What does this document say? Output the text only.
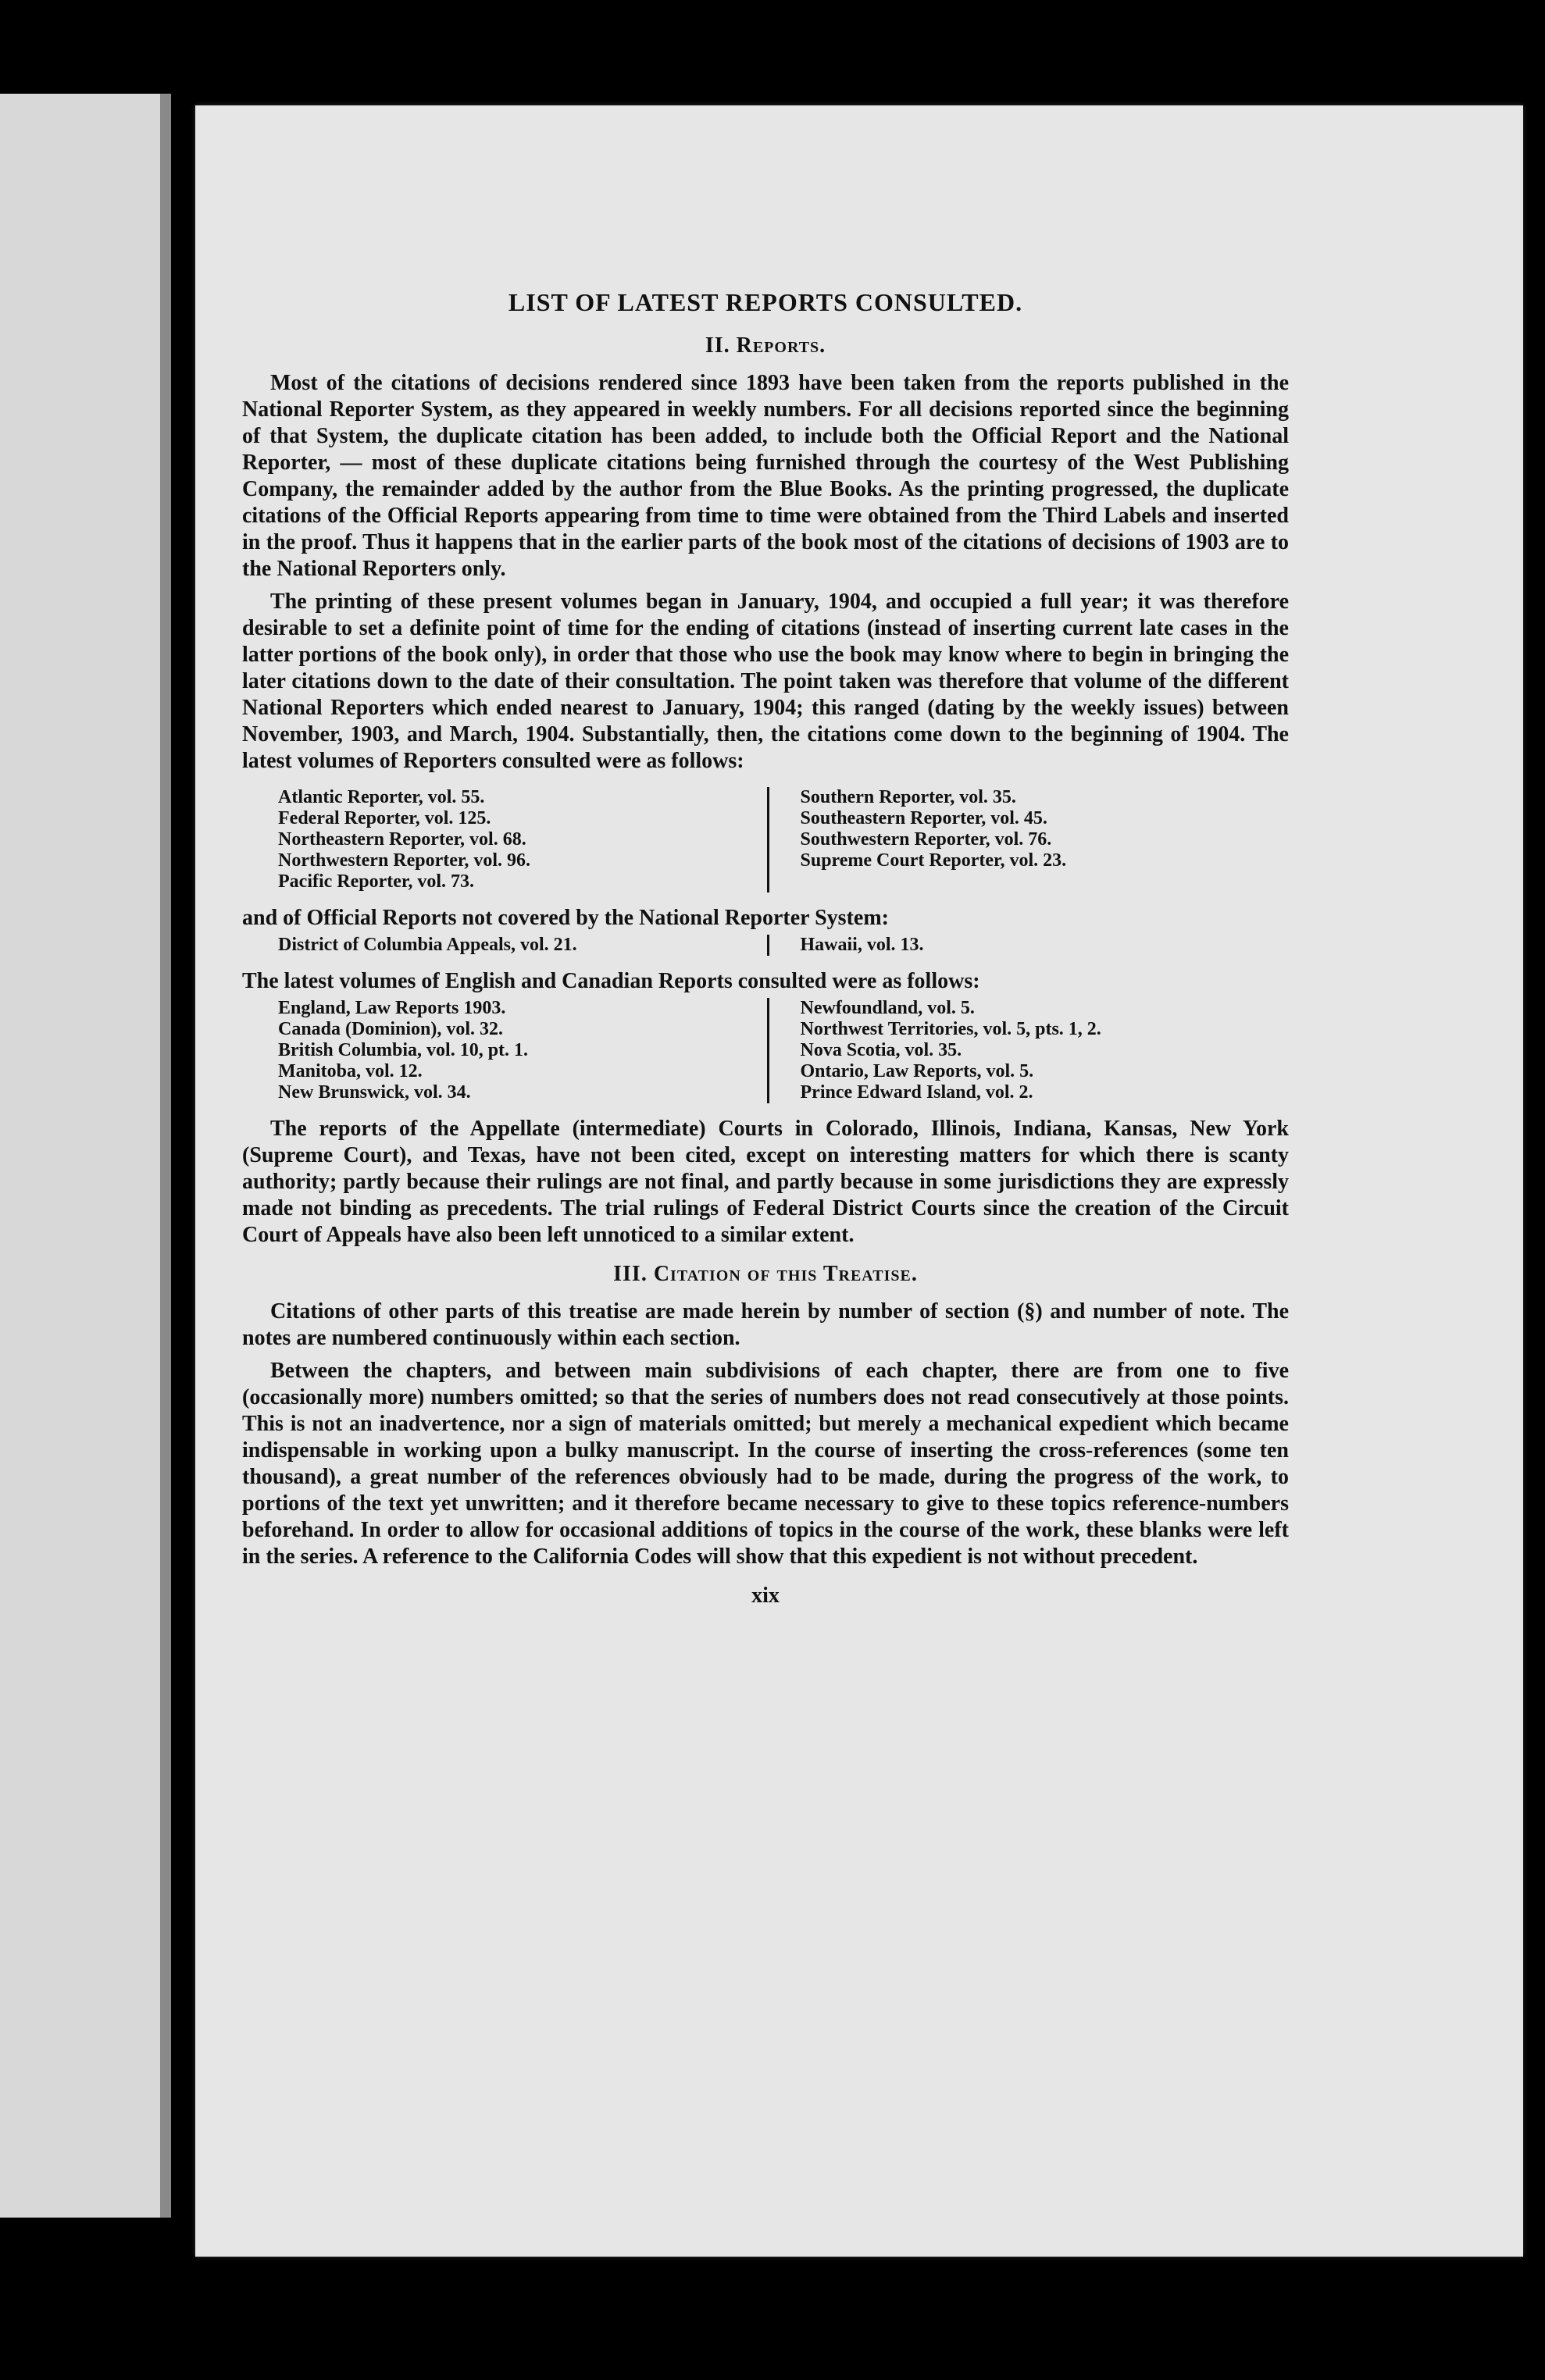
LIST OF LATEST REPORTS CONSULTED.
II. Reports.

Most of the citations of decisions rendered since 1893 have been taken from the reports published in the National Reporter System, as they appeared in weekly numbers. For all decisions reported since the beginning of that System, the duplicate citation has been added, to include both the Official Report and the National Reporter, — most of these duplicate citations being furnished through the courtesy of the West Publishing Company, the remainder added by the author from the Blue Books. As the printing progressed, the duplicate citations of the Official Reports appearing from time to time were obtained from the Third Labels and inserted in the proof. Thus it happens that in the earlier parts of the book most of the citations of decisions of 1903 are to the National Reporters only.

The printing of these present volumes began in January, 1904, and occupied a full year; it was therefore desirable to set a definite point of time for the ending of citations (instead of inserting current late cases in the latter portions of the book only), in order that those who use the book may know where to begin in bringing the later citations down to the date of their consultation. The point taken was therefore that volume of the different National Reporters which ended nearest to January, 1904; this ranged (dating by the weekly issues) between November, 1903, and March, 1904. Substantially, then, the citations come down to the beginning of 1904. The latest volumes of Reporters consulted were as follows:

Atlantic Reporter, vol. 55.
Federal Reporter, vol. 125.
Northeastern Reporter, vol. 68.
Northwestern Reporter, vol. 96.
Pacific Reporter, vol. 73.
Southern Reporter, vol. 35.
Southeastern Reporter, vol. 45.
Southwestern Reporter, vol. 76.
Supreme Court Reporter, vol. 23.

and of Official Reports not covered by the National Reporter System:

District of Columbia Appeals, vol. 21.	Hawaii, vol. 13.

The latest volumes of English and Canadian Reports consulted were as follows:

England, Law Reports 1903.
Canada (Dominion), vol. 32.
British Columbia, vol. 10, pt. 1.
Manitoba, vol. 12.
New Brunswick, vol. 34.
Newfoundland, vol. 5.
Northwest Territories, vol. 5, pts. 1, 2.
Nova Scotia, vol. 35.
Ontario, Law Reports, vol. 5.
Prince Edward Island, vol. 2.

The reports of the Appellate (intermediate) Courts in Colorado, Illinois, Indiana, Kansas, New York (Supreme Court), and Texas, have not been cited, except on interesting matters for which there is scanty authority; partly because their rulings are not final, and partly because in some jurisdictions they are expressly made not binding as precedents. The trial rulings of Federal District Courts since the creation of the Circuit Court of Appeals have also been left unnoticed to a similar extent.

III. Citation of this Treatise.

Citations of other parts of this treatise are made herein by number of section (§) and number of note. The notes are numbered continuously within each section.

Between the chapters, and between main subdivisions of each chapter, there are from one to five (occasionally more) numbers omitted; so that the series of numbers does not read consecutively at those points. This is not an inadvertence, nor a sign of materials omitted; but merely a mechanical expedient which became indispensable in working upon a bulky manuscript. In the course of inserting the cross-references (some ten thousand), a great number of the references obviously had to be made, during the progress of the work, to portions of the text yet unwritten; and it therefore became necessary to give to these topics reference-numbers beforehand. In order to allow for occasional additions of topics in the course of the work, these blanks were left in the series. A reference to the California Codes will show that this expedient is not without precedent.

xix
